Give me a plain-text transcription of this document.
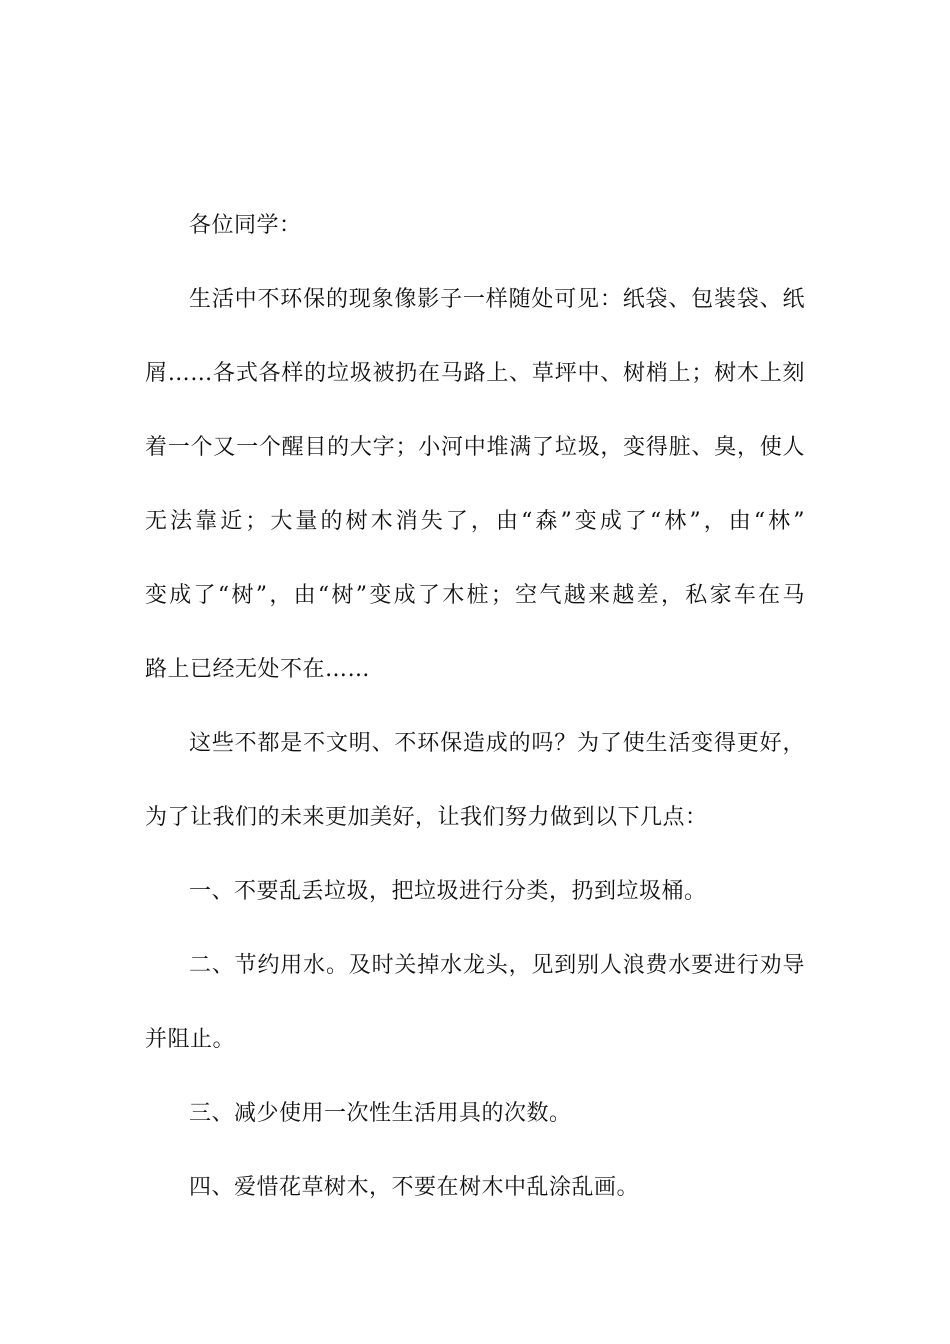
各位同学：

生活中不环保的现象像影子一样随处可见：纸袋、包装袋、纸

屑……各式各样的垃圾被扔在马路上、草坪中、树梢上；树木上刻

着一个又一个醒目的大字；小河中堆满了垃圾，变得脏、臭，使人

无法靠近；大量的树木消失了，由“森”变成了“林”，由“林”

变成了“树”，由“树”变成了木桩；空气越来越差，私家车在马

路上已经无处不在……

这些不都是不文明、不环保造成的吗？为了使生活变得更好，

为了让我们的未来更加美好，让我们努力做到以下几点：

一、不要乱丢垃圾，把垃圾进行分类，扔到垃圾桶。

二、节约用水。及时关掉水龙头，见到别人浪费水要进行劝导

并阻止。

三、减少使用一次性生活用具的次数。

四、爱惜花草树木，不要在树木中乱涂乱画。
